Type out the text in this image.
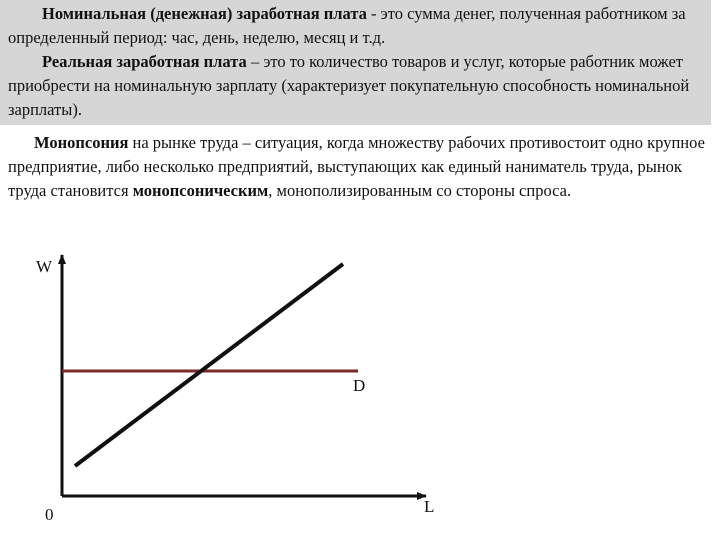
Номинальная (денежная) заработная плата - это сумма денег, полученная работником за определенный период: час, день, неделю, месяц и т.д.

Реальная заработная плата – это то количество товаров и услуг, которые работник может приобрести на номинальную зарплату (характеризует покупательную способность номинальной зарплаты).

Монопсония на рынке труда – ситуация, когда множеству рабочих противостоит одно крупное предприятие, либо несколько предприятий, выступающих как единый наниматель труда, рынок труда становится монопсоническим, монополизированным со стороны спроса.

W
L
0
D
